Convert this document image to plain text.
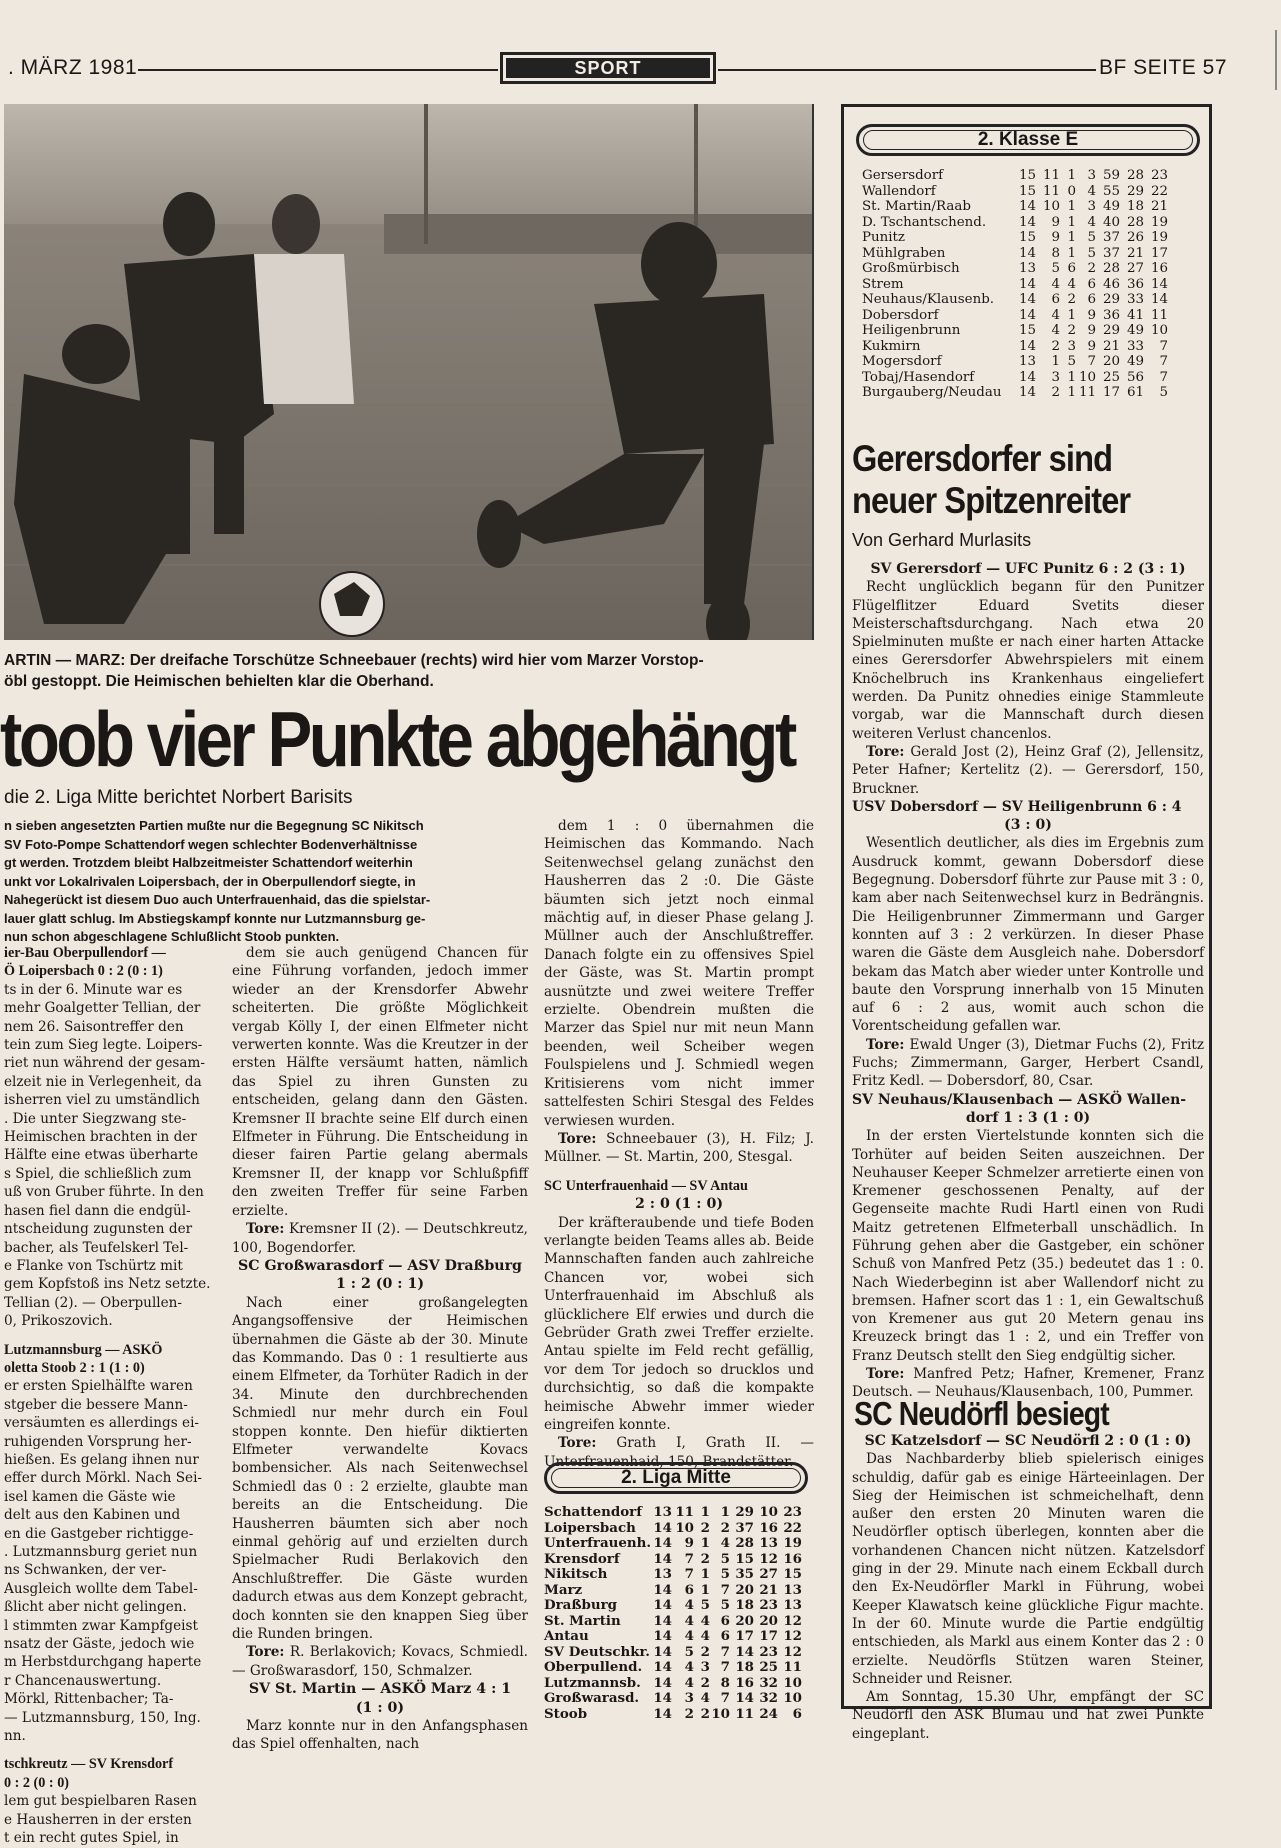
. MÄRZ 1981	SPORT	BF SEITE 57
ARTIN — MARZ: Der dreifache Torschütze Schneebauer (rechts) wird hier vom Marzer Vorstop-
öbl gestoppt. Die Heimischen behielten klar die Oberhand.
toob vier Punkte abgehängt
die 2. Liga Mitte berichtet Norbert Barisits

n sieben angesetzten Partien mußte nur die Begegnung SC Nikitsch

SV Foto-Pompe Schattendorf wegen schlechter Bodenverhältnisse

gt werden. Trotzdem bleibt Halbzeitmeister Schattendorf weiterhin

unkt vor Lokalrivalen Loipersbach, der in Oberpullendorf siegte, in

Nahegerückt ist diesem Duo auch Unterfrauenhaid, das die spielstar-

lauer glatt schlug. Im Abstiegskampf konnte nur Lutzmannsburg ge-

nun schon abgeschlagene Schlußlicht Stoob punkten.

ier-Bau Oberpullendorf —

Ö Loipersbach 0 : 2 (0 : 1)

ts in der 6. Minute war es

mehr Goalgetter Tellian, der

nem 26. Saisontreffer den

tein zum Sieg legte. Loipers-

riet nun während der gesam-

elzeit nie in Verlegenheit, da

isherren viel zu umständlich

. Die unter Siegzwang ste-

Heimischen brachten in der

Hälfte eine etwas überharte

s Spiel, die schließlich zum

uß von Gruber führte. In den

hasen fiel dann die endgül-

ntscheidung zugunsten der

bacher, als Teufelskerl Tel-

e Flanke von Tschürtz mit

gem Kopfstoß ins Netz setzte.

Tellian (2). — Oberpullen-

0, Prikoszovich.

Lutzmannsburg — ASKÖ

oletta Stoob 2 : 1 (1 : 0)

er ersten Spielhälfte waren

stgeber die bessere Mann-

versäumten es allerdings ei-

ruhigenden Vorsprung her-

hießen. Es gelang ihnen nur

effer durch Mörkl. Nach Sei-

isel kamen die Gäste wie

delt aus den Kabinen und

en die Gastgeber richtigge-

. Lutzmannsburg geriet nun

ns Schwanken, der ver-

Ausgleich wollte dem Tabel-

ßlicht aber nicht gelingen.

l stimmten zwar Kampfgeist

nsatz der Gäste, jedoch wie

m Herbstdurchgang haperte

r Chancenauswertung.

Mörkl, Rittenbacher; Ta-

— Lutzmannsburg, 150, Ing.

nn.

tschkreutz — SV Krensdorf

0 : 2 (0 : 0)

lem gut bespielbaren Rasen

e Hausherren in der ersten

t ein recht gutes Spiel, in

dem sie auch genügend Chancen für eine Führung vorfanden, jedoch immer wieder an der Krensdorfer Abwehr scheiterten. Die größte Möglichkeit vergab Kölly I, der einen Elfmeter nicht verwerten konnte. Was die Kreutzer in der ersten Hälfte versäumt hatten, nämlich das Spiel zu ihren Gunsten zu entscheiden, gelang dann den Gästen. Kremsner II brachte seine Elf durch einen Elfmeter in Führung. Die Entscheidung in dieser fairen Partie gelang abermals Kremsner II, der knapp vor Schlußpfiff den zweiten Treffer für seine Farben erzielte.

Tore: Kremsner II (2). — Deutschkreutz, 100, Bogendorfer.

SC Großwarasdorf — ASV Draßburg

1 : 2 (0 : 1)

Nach einer großangelegten Angangsoffensive der Heimischen übernahmen die Gäste ab der 30. Minute das Kommando. Das 0 : 1 resultierte aus einem Elfmeter, da Torhüter Radich in der 34. Minute den durchbrechenden Schmiedl nur mehr durch ein Foul stoppen konnte. Den hiefür diktierten Elfmeter verwandelte Kovacs bombensicher. Als nach Seitenwechsel Schmiedl das 0 : 2 erzielte, glaubte man bereits an die Entscheidung. Die Hausherren bäumten sich aber noch einmal gehörig auf und erzielten durch Spielmacher Rudi Berlakovich den Anschlußtreffer. Die Gäste wurden dadurch etwas aus dem Konzept gebracht, doch konnten sie den knappen Sieg über die Runden bringen.

Tore: R. Berlakovich; Kovacs, Schmiedl. — Großwarasdorf, 150, Schmalzer.

SV St. Martin — ASKÖ Marz 4 : 1

(1 : 0)

Marz konnte nur in den Anfangsphasen das Spiel offenhalten, nach

dem 1 : 0 übernahmen die Heimischen das Kommando. Nach Seitenwechsel gelang zunächst den Hausherren das 2 :0. Die Gäste bäumten sich jetzt noch einmal mächtig auf, in dieser Phase gelang J. Müllner auch der Anschlußtreffer. Danach folgte ein zu offensives Spiel der Gäste, was St. Martin prompt ausnützte und zwei weitere Treffer erzielte. Obendrein mußten die Marzer das Spiel nur mit neun Mann beenden, weil Scheiber wegen Foulspielens und J. Schmiedl wegen Kritisierens vom nicht immer sattelfesten Schiri Stesgal des Feldes verwiesen wurden.

Tore: Schneebauer (3), H. Filz; J. Müllner. — St. Martin, 200, Stesgal.

SC Unterfrauenhaid — SV Antau

2 : 0 (1 : 0)

Der kräfteraubende und tiefe Boden verlangte beiden Teams alles ab. Beide Mannschaften fanden auch zahlreiche Chancen vor, wobei sich Unterfrauenhaid im Abschluß als glücklichere Elf erwies und durch die Gebrüder Grath zwei Treffer erzielte. Antau spielte im Feld recht gefällig, vor dem Tor jedoch so drucklos und durchsichtig, so daß die kompakte heimische Abwehr immer wieder eingreifen konnte.

Tore: Grath I, Grath II. — Unterfrauenhaid, 150, Brandstätter.

2. Liga Mitte
Schattendorf 13 11 1 1 29 10 23
Loipersbach	14 10 2 2 37 16 22
Unterfrauenh. 14 9 1 4 28 13 19
Krensdorf	14 7 2 5 15 12 16
Nikitsch	13 7 1 5 35 27 15
Marz	14 6 1 7 20 21 13
Draßburg	14 4 5 5 18 23 13
St. Martin	14 4 4 6 20 20 12
Antau	14 4 4 6 17 17 12
SV Deutschkr. 14 5 2 7 14 23 12
Oberpullend. 14 4 3 7 18 25 11
Lutzmannsb. 14 4 2 8 16 32 10
Großwarasd.	14 3 4 7 14 32 10
Stoob	14 2 2 10 11 24	6
2. Klasse E
Gersersdorf	15 11 1 3 59 28 23
Wallendorf	15 11 0 4 55 29 22
St. Martin/Raab	14 10 1 3 49 18 21
D. Tschantschend.	14	9 1 4 40 28 19
Punitz	15	9 1 5 37 26 19
Mühlgraben	14	8 1 5 37 21 17
Großmürbisch	13	5 6 2 28 27 16
Strem	14	4 4 6 46 36 14
Neuhaus/Klausenb.	14	6 2 6 29 33 14
Dobersdorf	14	4 1 9 36 41 11
Heiligenbrunn	15	4 2 9 29 49 10
Kukmirn	14	2 3 9 21 33	7
Mogersdorf	13	1 5 7 20 49	7
Tobaj/Hasendorf	14	3 1 10 25 56	7
Burgauberg/Neudau	14	2 1 11 17 61	5
Gerersdorfer sind
neuer Spitzenreiter
Von Gerhard Murlasits

SV Gerersdorf — UFC Punitz 6 : 2 (3 : 1)

Recht unglücklich begann für den Punitzer Flügelflitzer Eduard Svetits dieser Meisterschaftsdurchgang. Nach etwa 20 Spielminuten mußte er nach einer harten Attacke eines Gerersdorfer Abwehrspielers mit einem Knöchelbruch ins Krankenhaus eingeliefert werden. Da Punitz ohnedies einige Stammleute vorgab, war die Mannschaft durch diesen weiteren Verlust chancenlos.

Tore: Gerald Jost (2), Heinz Graf (2), Jellensitz, Peter Hafner; Kertelitz (2). — Gerersdorf, 150, Bruckner.

USV Dobersdorf — SV Heiligenbrunn 6 : 4

(3 : 0)

Wesentlich deutlicher, als dies im Ergebnis zum Ausdruck kommt, gewann Dobersdorf diese Begegnung. Dobersdorf führte zur Pause mit 3 : 0, kam aber nach Seitenwechsel kurz in Bedrängnis. Die Heiligenbrunner Zimmermann und Garger konnten auf 3 : 2 verkürzen. In dieser Phase waren die Gäste dem Ausgleich nahe. Dobersdorf bekam das Match aber wieder unter Kontrolle und baute den Vorsprung innerhalb von 15 Minuten auf 6 : 2 aus, womit auch schon die Vorentscheidung gefallen war.

Tore: Ewald Unger (3), Dietmar Fuchs (2), Fritz Fuchs; Zimmermann, Garger, Herbert Csandl, Fritz Kedl. — Dobersdorf, 80, Csar.

SV Neuhaus/Klausenbach — ASKÖ Wallen-

dorf 1 : 3 (1 : 0)

In der ersten Viertelstunde konnten sich die Torhüter auf beiden Seiten auszeichnen. Der Neuhauser Keeper Schmelzer arretierte einen von Kremener geschossenen Penalty, auf der Gegenseite machte Rudi Hartl einen von Rudi Maitz getretenen Elfmeterball unschädlich. In Führung gehen aber die Gastgeber, ein schöner Schuß von Manfred Petz (35.) bedeutet das 1 : 0. Nach Wiederbeginn ist aber Wallendorf nicht zu bremsen. Hafner scort das 1 : 1, ein Gewaltschuß von Kremener aus gut 20 Metern genau ins Kreuzeck bringt das 1 : 2, und ein Treffer von Franz Deutsch stellt den Sieg endgültig sicher.

Tore: Manfred Petz; Hafner, Kremener, Franz Deutsch. — Neuhaus/Klausenbach, 100, Pummer.

SC Neudörfl besiegt

SC Katzelsdorf — SC Neudörfl 2 : 0 (1 : 0)

Das Nachbarderby blieb spielerisch einiges schuldig, dafür gab es einige Härteeinlagen. Der Sieg der Heimischen ist schmeichelhaft, denn außer den ersten 20 Minuten waren die Neudörfler optisch überlegen, konnten aber die vorhandenen Chancen nicht nützen. Katzelsdorf ging in der 29. Minute nach einem Eckball durch den Ex-Neudörfler Markl in Führung, wobei Keeper Klawatsch keine glückliche Figur machte. In der 60. Minute wurde die Partie endgültig entschieden, als Markl aus einem Konter das 2 : 0 erzielte. Neudörfls Stützen waren Steiner, Schneider und Reisner.

Am Sonntag, 15.30 Uhr, empfängt der SC Neudörfl den ASK Blumau und hat zwei Punkte eingeplant.
